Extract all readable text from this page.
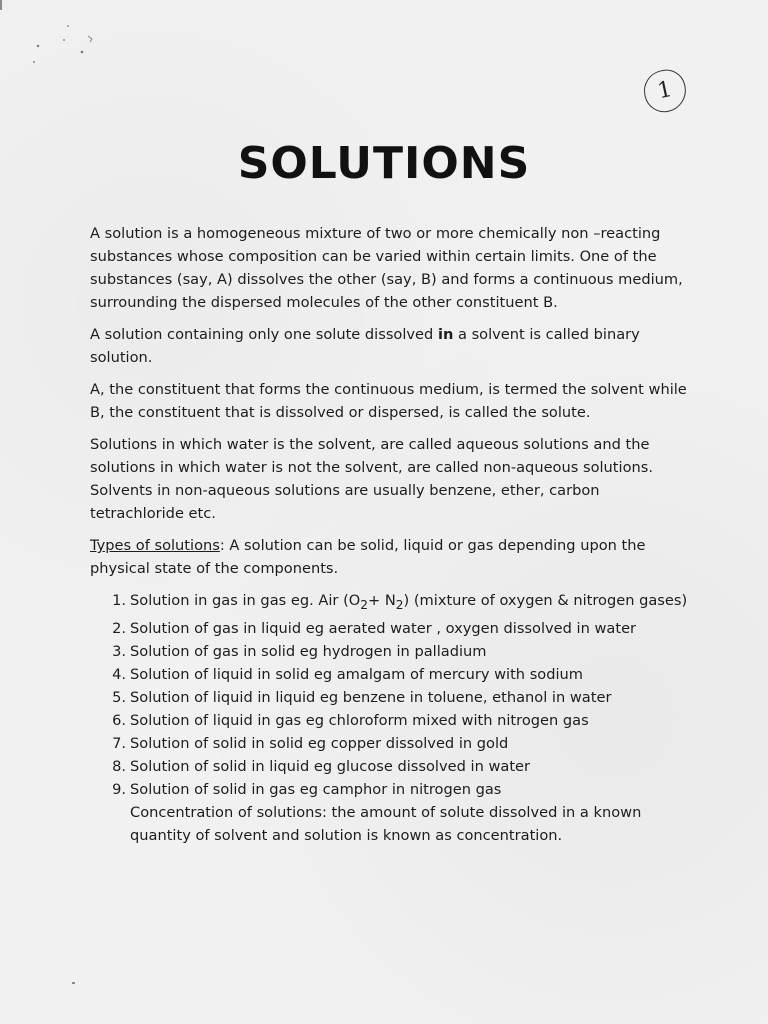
1
SOLUTIONS

A solution is a homogeneous mixture of two or more chemically non –reacting substances whose composition can be varied within certain limits. One of the substances (say, A) dissolves the other (say, B) and forms a continuous medium, surrounding the dispersed molecules of the other constituent B.

A solution containing only one solute dissolved in a solvent is called binary solution.

A, the constituent that forms the continuous medium, is termed the solvent while B, the constituent that is dissolved or dispersed, is called the solute.

Solutions in which water is the solvent, are called aqueous solutions and the solutions in which water is not the solvent, are called non-aqueous solutions. Solvents in non-aqueous solutions are usually benzene, ether, carbon tetrachloride etc.

Types of solutions: A solution can be solid, liquid or gas depending upon the physical state of the components.

1. Solution in gas in gas eg. Air $(O_2+ N_2)$ (mixture of oxygen & nitrogen gases)
2. Solution of gas in liquid eg aerated water , oxygen dissolved in water
3. Solution of gas in solid eg hydrogen in palladium
4. Solution of liquid in solid eg amalgam of mercury with sodium
5. Solution of liquid in liquid eg benzene in toluene, ethanol in water
6. Solution of liquid in gas eg chloroform mixed with nitrogen gas
7. Solution of solid in solid eg copper dissolved in gold
8. Solution of solid in liquid eg glucose dissolved in water
9. Solution of solid in gas eg camphor in nitrogen gas

Concentration of solutions: the amount of solute dissolved in a known quantity of solvent and solution is known as concentration.
